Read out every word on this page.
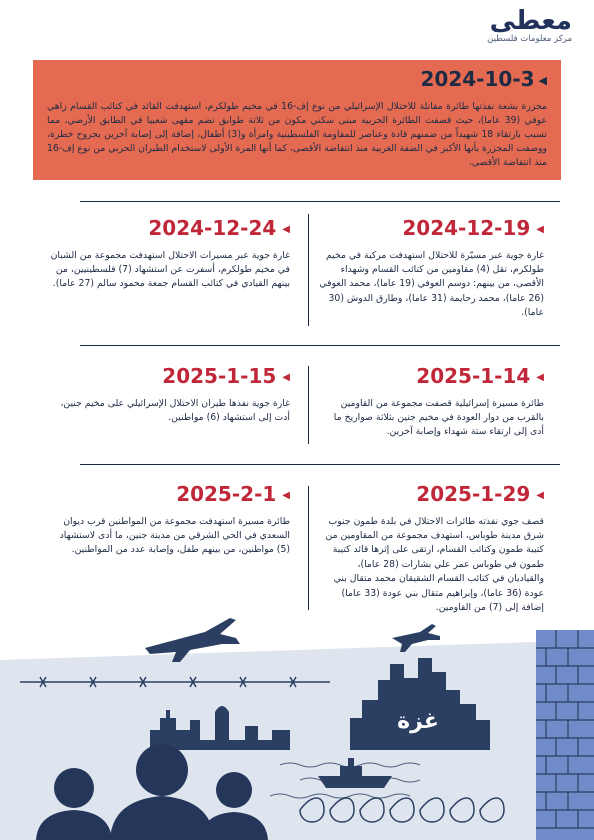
معطى
مركز معلومات فلسطين
2024-10-3 ◀
مجزرة بشعة نفذتها طائرة مقاتلة للاحتلال الإسرائيلي من نوع إف-16 في مخيم طولكرم، استهدفت القائد في كتائب القسام زاهي عوفي (39 عاما)، حيث قصفت الطائرة الحربية مبنى سكني مكون من ثلاثة طوابق تضم مقهى شعبيا في الطابق الأرضي، مما تسبب بارتقاء 18 شهيداً من ضمنهم قادة وعناصر للمقاومة الفلسطينية وامرأة و(3) أطفال، إضافة إلى إصابة آخرين بجروح خطرة، ووصفت المجزرة بأنها الأكبر في الضفة الغربية منذ انتفاضة الأقصى، كما أنها المرة الأولى لاستخدام الطيران الحربي من نوع إف-16 منذ انتفاضة الأقصى.
2024-12-19 ◀
غارة جوية عبر مسيّرة للاحتلال استهدفت مركبة في مخيم طولكرم، تقل (4) مقاومين من كتائب القسام وشهداء الأقصى، من بينهم: دوسم العوفي (19 عاما)، محمد العوفي (26 عاما)، محمد رحايمة (31 عاما)، وطارق الدوش (30 عاما).
2024-12-24 ◀
غارة جوية عبر مسيرات الاحتلال استهدفت مجموعة من الشبان في مخيم طولكرم، أسفرت عن استشهاد (7) فلسطينيين، من بينهم القيادي في كتائب القسام جمعة محمود سالم (27 عاما).
2025-1-14 ◀
طائرة مسيرة إسرائيلية قصفت مجموعة من القاومين بالقرب من دوار العودة في مخيم جنين بثلاثة صواريخ ما أدى إلى ارتقاء ستة شهداء وإصابة آخرين.
2025-1-15 ◀
غارة جوية نفذها طيران الاحتلال الإسرائيلي على مخيم جنين، أدت إلى استشهاد (6) مواطنين.
2025-1-29 ◀
قصف جوي نفذته طائرات الاحتلال في بلدة طمون جنوب شرق مدينة طوباس، استهدف مجموعة من المقاومين من كتيبة طمون وكتائب القسام، ارتقى على إثرها قائد كتيبة طمون في طوباس عمر علي بشارات (28 عاما)، والقياديان في كتائب القسام الشقيقان محمد متقال بني عودة (36 عاما)، وإبراهيم متقال بني عودة (33 عاما) إضافة إلى (7) من القاومين.
2025-2-1 ◀
طائرة مسيرة استهدفت مجموعة من المواطنين قرب ديوان السعدي في الحي الشرقي من مدينة جنين، ما أدى لاستشهاد (5) مواطنين، من بينهم طفل، وإصابة عدد من المواطنين.
غزة
